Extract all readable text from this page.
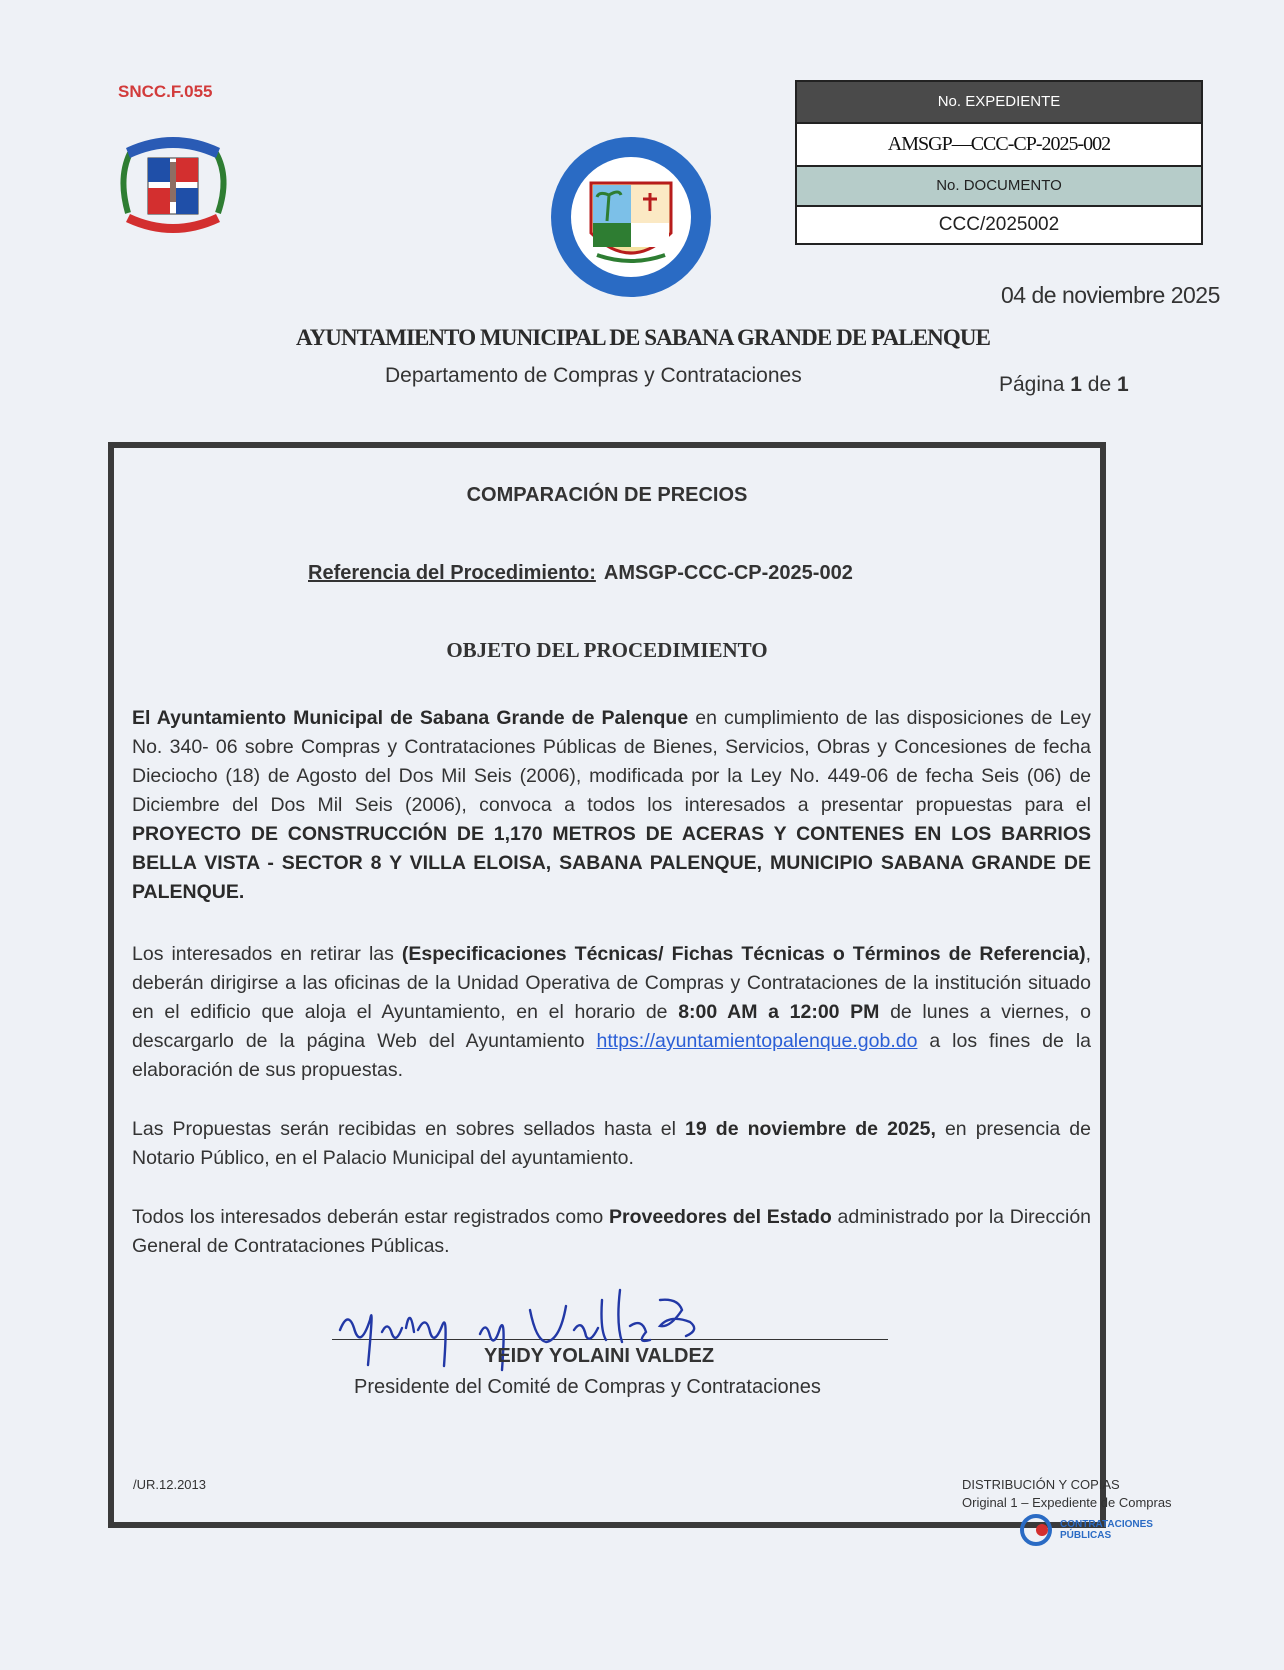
SNCC.F.055
No. EXPEDIENTE
AMSGP—CCC-CP-2025-002
No. DOCUMENTO
CCC/2025002
04 de noviembre 2025
AYUNTAMIENTO MUNICIPAL DE SABANA GRANDE DE PALENQUE
Departamento de Compras y Contrataciones	Página 1 de 1
COMPARACIÓN DE PRECIOS
Referencia del Procedimiento: AMSGP-CCC-CP-2025-002
OBJETO DEL PROCEDIMIENTO
El Ayuntamiento Municipal de Sabana Grande de Palenque en cumplimiento de las disposiciones de Ley No. 340- 06 sobre Compras y Contrataciones Públicas de Bienes, Servicios, Obras y Concesiones de fecha Dieciocho (18) de Agosto del Dos Mil Seis (2006), modificada por la Ley No. 449-06 de fecha Seis (06) de Diciembre del Dos Mil Seis (2006), convoca a todos los interesados a presentar propuestas para el PROYECTO DE CONSTRUCCIÓN DE 1,170 METROS DE ACERAS Y CONTENES EN LOS BARRIOS BELLA VISTA - SECTOR 8 Y VILLA ELOISA, SABANA PALENQUE, MUNICIPIO SABANA GRANDE DE PALENQUE.
Los interesados en retirar las (Especificaciones Técnicas/ Fichas Técnicas o Términos de Referencia), deberán dirigirse a las oficinas de la Unidad Operativa de Compras y Contrataciones de la institución situado en el edificio que aloja el Ayuntamiento, en el horario de 8:00 AM a 12:00 PM de lunes a viernes, o descargarlo de la página Web del Ayuntamiento https://ayuntamientopalenque.gob.do a los fines de la elaboración de sus propuestas.
Las Propuestas serán recibidas en sobres sellados hasta el 19 de noviembre de 2025, en presencia de Notario Público, en el Palacio Municipal del ayuntamiento.
Todos los interesados deberán estar registrados como Proveedores del Estado administrado por la Dirección General de Contrataciones Públicas.
YEIDY YOLAINI VALDEZ
Presidente del Comité de Compras y Contrataciones
/UR.12.2013	DISTRIBUCIÓN Y COPIAS
Original 1 – Expediente de Compras
CONTRATACIONES
PÚBLICAS
